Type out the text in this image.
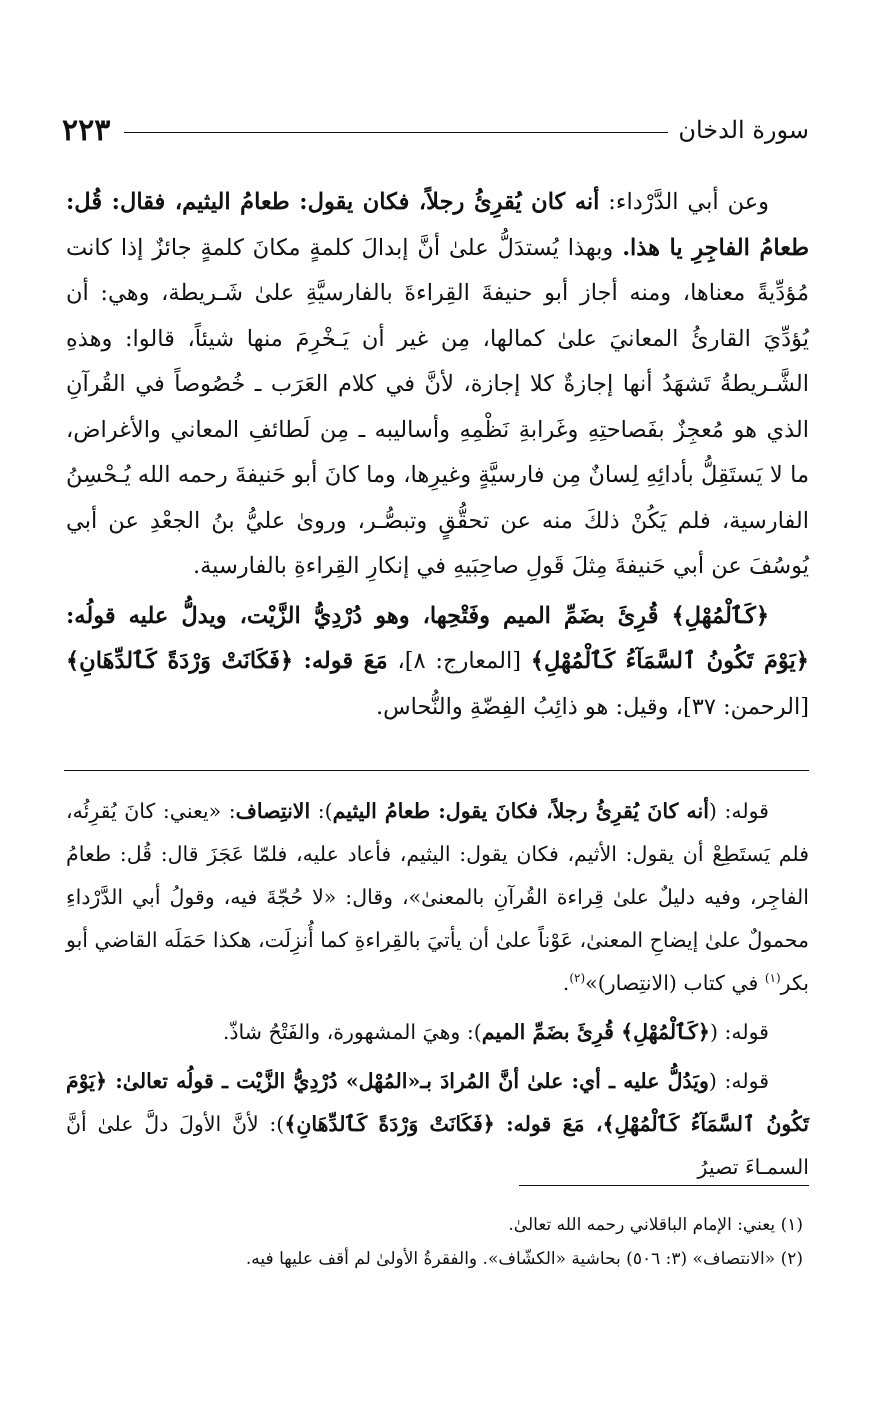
سورة الدخان
٢٢٣

وعن أبي الدَّرْداء: أنه كان يُقرِئُ رجلاً، فكان يقول: طعامُ اليثيم، فقال: قُل: طعامُ الفاجِرِ يا هذا. وبهذا يُستدَلُّ علىٰ أنَّ إبدالَ كلمةٍ مكانَ كلمةٍ جائزٌ إذا كانت مُؤدِّيةً معناها، ومنه أجاز أبو حنيفةَ القِراءةَ بالفارسيَّةِ علىٰ شَـريطة، وهي: أن يُؤدِّيَ القارئُ المعانيَ علىٰ كمالها، مِن غير أن يَـخْرِمَ منها شيئاً، قالوا: وهذهِ الشَّـريطةُ تَشهَدُ أنها إجازةٌ كلا إجازة، لأنَّ في كلام العَرَب ـ خُصُوصاً في القُرآنِ الذي هو مُعجِزٌ بفَصاحتِهِ وغَرابةِ نَظْمِهِ وأساليبه ـ مِن لَطائفِ المعاني والأغراض، ما لا يَستَقِلُّ بأدائِهِ لِسانٌ مِن فارسيَّةٍ وغيرِها، وما كانَ أبو حَنيفةَ رحمه الله يُـحْسِنُ الفارسية، فلم يَكُنْ ذلكَ منه عن تحقُّقٍ وتبصُّـر، وروىٰ عليُّ بنُ الجعْدِ عن أبي يُوسُفَ عن أبي حَنيفةَ مِثلَ قَولِ صاحِبَيهِ في إنكارِ القِراءةِ بالفارسية.

﴿كَٱلْمُهْلِ﴾ قُرِئَ بضَمِّ الميم وفَتْحِها، وهو دُرْدِيُّ الزَّيْت، ويدلُّ عليه قولُه: ﴿يَوْمَ تَكُونُ ٱلسَّمَآءُ كَٱلْمُهْلِ﴾ [المعارج: ٨]، مَعَ قوله: ﴿فَكَانَتْ وَرْدَةً كَٱلدِّهَانِ﴾ [الرحمن: ٣٧]، وقيل: هو ذائِبُ الفِضّةِ والنُّحاس.

قوله: (أنه كانَ يُقرِئُ رجلاً، فكانَ يقول: طعامُ اليثيم): الانتِصاف: «يعني: كانَ يُقرِئُه، فلم يَستَطِعْ أن يقول: الأثيم، فكان يقول: اليثيم، فأعاد عليه، فلمّا عَجَزَ قال: قُل: طعامُ الفاجِر، وفيه دليلٌ علىٰ قِراءة القُرآنِ بالمعنىٰ»، وقال: «لا حُجّةَ فيه، وقولُ أبي الدَّرْداءِ محمولٌ علىٰ إيضاحِ المعنىٰ، عَوْناً علىٰ أن يأتيَ بالقِراءةِ كما أُنزِلَت، هكذا حَمَلَه القاضي أبو بكر$^{(١)}$ في كتاب (الانتِصار)»$^{(٢)}$.

قوله: (﴿كَٱلْمُهْلِ﴾ قُرِئَ بضَمِّ الميم): وهيَ المشهورة، والفَتْحُ شاذّ.

قوله: (ويَدُلُّ عليه ـ أي: علىٰ أنَّ المُرادَ بـ«المُهْل» دُرْدِيُّ الزَّيْت ـ قولُه تعالىٰ: ﴿يَوْمَ تَكُونُ ٱلسَّمَآءُ كَٱلْمُهْلِ﴾، مَعَ قوله: ﴿فَكَانَتْ وَرْدَةً كَٱلدِّهَانِ﴾): لأنَّ الأولَ دلَّ علىٰ أنَّ السمـاءَ تصيرُ

(١) يعني: الإمام الباقلاني رحمه الله تعالىٰ.

(٢) «الانتصاف» (٣: ٥٠٦) بحاشية «الكشّاف». والفقرةُ الأولىٰ لم أقف عليها فيه.
